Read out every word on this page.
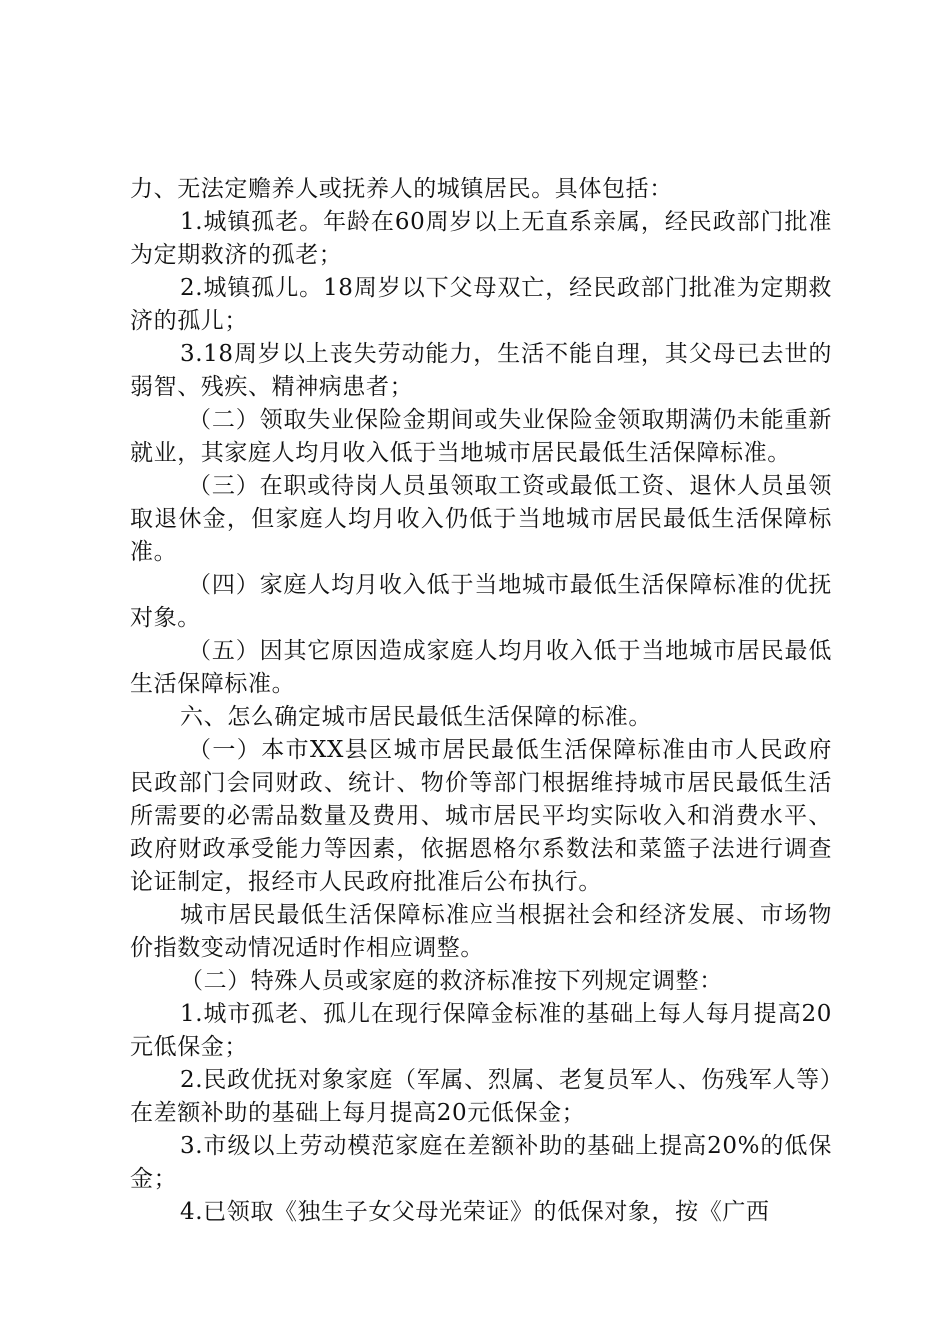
力、无法定赡养人或抚养人的城镇居民。具体包括：

1.城镇孤老。年龄在60周岁以上无直系亲属，经民政部门批准为定期救济的孤老；

2.城镇孤儿。18周岁以下父母双亡，经民政部门批准为定期救济的孤儿；

3.18周岁以上丧失劳动能力，生活不能自理，其父母已去世的弱智、残疾、精神病患者；

（二）领取失业保险金期间或失业保险金领取期满仍未能重新就业，其家庭人均月收入低于当地城市居民最低生活保障标准。

（三）在职或待岗人员虽领取工资或最低工资、退休人员虽领取退休金，但家庭人均月收入仍低于当地城市居民最低生活保障标准。

（四）家庭人均月收入低于当地城市最低生活保障标准的优抚对象。

（五）因其它原因造成家庭人均月收入低于当地城市居民最低生活保障标准。

六、怎么确定城市居民最低生活保障的标准。

（一）本市XX县区城市居民最低生活保障标准由市人民政府民政部门会同财政、统计、物价等部门根据维持城市居民最低生活所需要的必需品数量及费用、城市居民平均实际收入和消费水平、政府财政承受能力等因素，依据恩格尔系数法和菜篮子法进行调查论证制定，报经市人民政府批准后公布执行。

城市居民最低生活保障标准应当根据社会和经济发展、市场物价指数变动情况适时作相应调整。

（二）特殊人员或家庭的救济标准按下列规定调整：

1.城市孤老、孤儿在现行保障金标准的基础上每人每月提高20元低保金；

2.民政优抚对象家庭（军属、烈属、老复员军人、伤残军人等）在差额补助的基础上每月提高20元低保金；

3.市级以上劳动模范家庭在差额补助的基础上提高20%的低保金；

4.已领取《独生子女父母光荣证》的低保对象，按《广西
